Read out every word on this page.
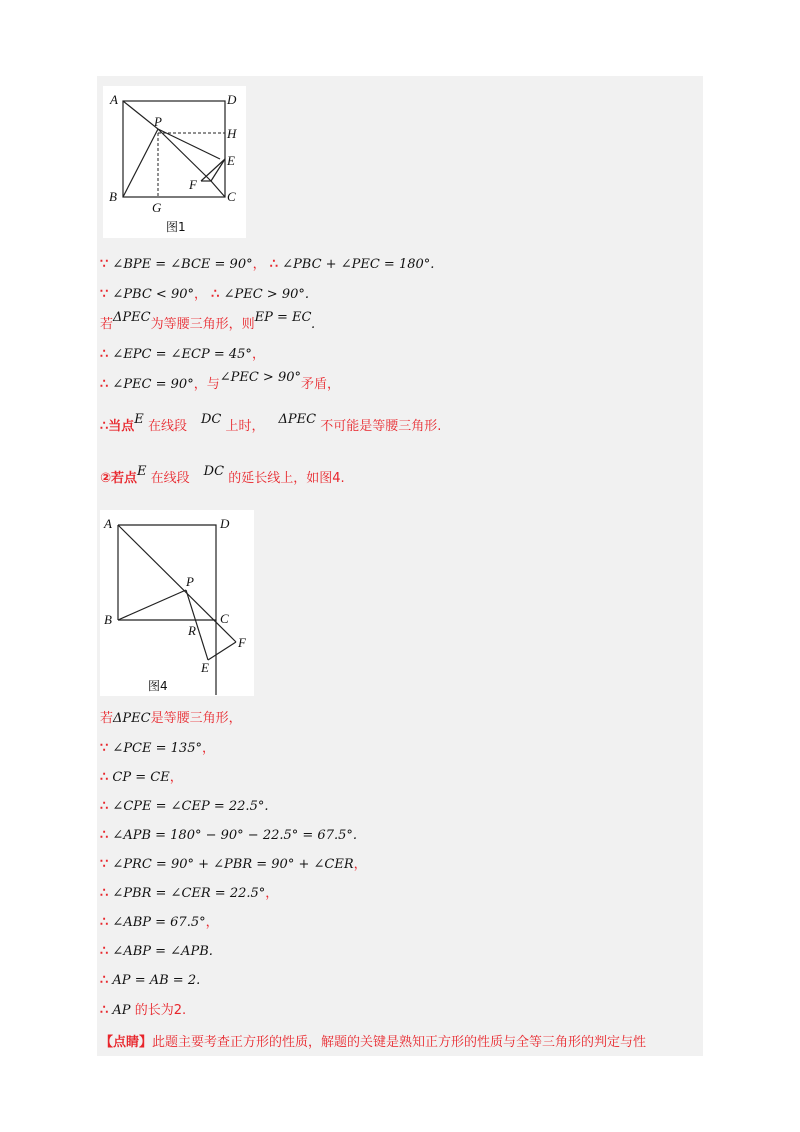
A	D
P
H
E
F
B
G
C
图1
∵ ∠BPE = ∠BCE = 90°， ∴ ∠PBC + ∠PEC = 180°.
∵ ∠PBC < 90°， ∴ ∠PEC > 90°.
若ΔPEC为等腰三角形，则EP = EC.
∴ ∠EPC = ∠ECP = 45°，
∴ ∠PEC = 90°，与∠PEC > 90°矛盾，
∴当点E 在线段 DC 上时， ΔPEC 不可能是等腰三角形.
②若点E 在线段 DC 的延长线上，如图4.
A	D
P
B	C
R
F
E
图4
若ΔPEC是等腰三角形，
∵ ∠PCE = 135°，
∴ CP = CE，
∴ ∠CPE = ∠CEP = 22.5°.
∴ ∠APB = 180° − 90° − 22.5° = 67.5°.
∵ ∠PRC = 90° + ∠PBR = 90° + ∠CER，
∴ ∠PBR = ∠CER = 22.5°，
∴ ∠ABP = 67.5°，
∴ ∠ABP = ∠APB.
∴ AP = AB = 2.
∴ AP 的长为2.
【点睛】此题主要考查正方形的性质，解题的关键是熟知正方形的性质与全等三角形的判定与性
